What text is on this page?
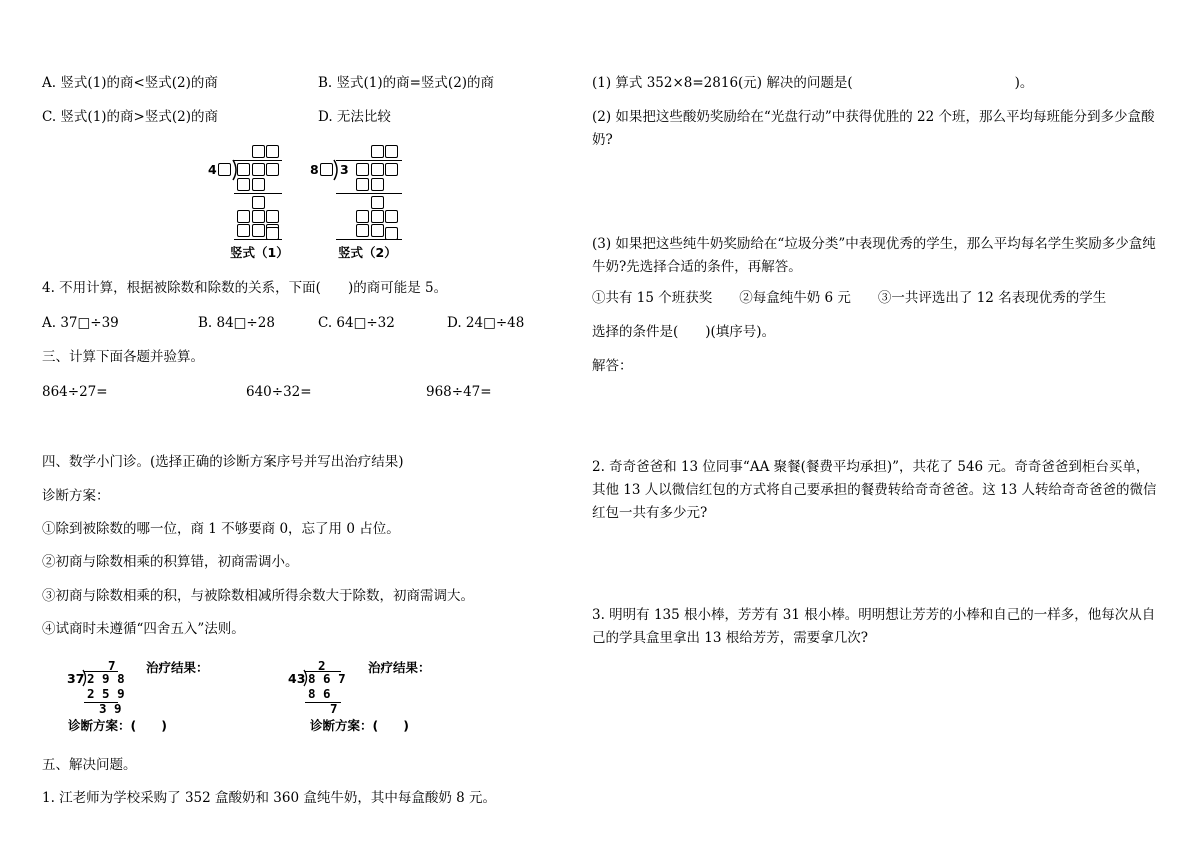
A. 竖式(1)的商<竖式(2)的商	B. 竖式(1)的商=竖式(2)的商
C. 竖式(1)的商>竖式(2)的商	D. 无法比较
4
竖式（1）
8 3
竖式（2）
4. 不用计算，根据被除数和除数的关系，下面(　　)的商可能是 5。
A. 37□÷39	B. 84□÷28	C. 64□÷32	D. 24□÷48
三、计算下面各题并验算。
864÷27=	640÷32=	968÷47=
四、数学小门诊。(选择正确的诊断方案序号并写出治疗结果)
诊断方案：
①除到被除数的哪一位，商 1 不够要商 0，忘了用 0 占位。
②初商与除数相乘的积算错，初商需调小。
③初商与除数相乘的积，与被除数相减所得余数大于除数，初商需调大。
④试商时未遵循“四舍五入”法则。
7
37 2 9 8
2 5 9
3 9
治疗结果：
诊断方案：(　　)
2
43 8 6 7
8 6
7
治疗结果：
诊断方案：(　　)
五、解决问题。
1. 江老师为学校采购了 352 盒酸奶和 360 盒纯牛奶，其中每盒酸奶 8 元。
(1) 算式 352×8=2816(元) 解决的问题是(　　　　　　　　　　　　)。
(2) 如果把这些酸奶奖励给在“光盘行动”中获得优胜的 22 个班，那么平均每班能分到多少盒酸奶?
(3) 如果把这些纯牛奶奖励给在“垃圾分类”中表现优秀的学生，那么平均每名学生奖励多少盒纯牛奶?先选择合适的条件，再解答。
①共有 15 个班获奖　　②每盒纯牛奶 6 元　　③一共评选出了 12 名表现优秀的学生
选择的条件是(　　)(填序号)。
解答：
2. 奇奇爸爸和 13 位同事“AA 聚餐(餐费平均承担)”，共花了 546 元。奇奇爸爸到柜台买单，其他 13 人以微信红包的方式将自己要承担的餐费转给奇奇爸爸。这 13 人转给奇奇爸爸的微信红包一共有多少元?
3. 明明有 135 根小棒，芳芳有 31 根小棒。明明想让芳芳的小棒和自己的一样多，他每次从自己的学具盒里拿出 13 根给芳芳，需要拿几次?
